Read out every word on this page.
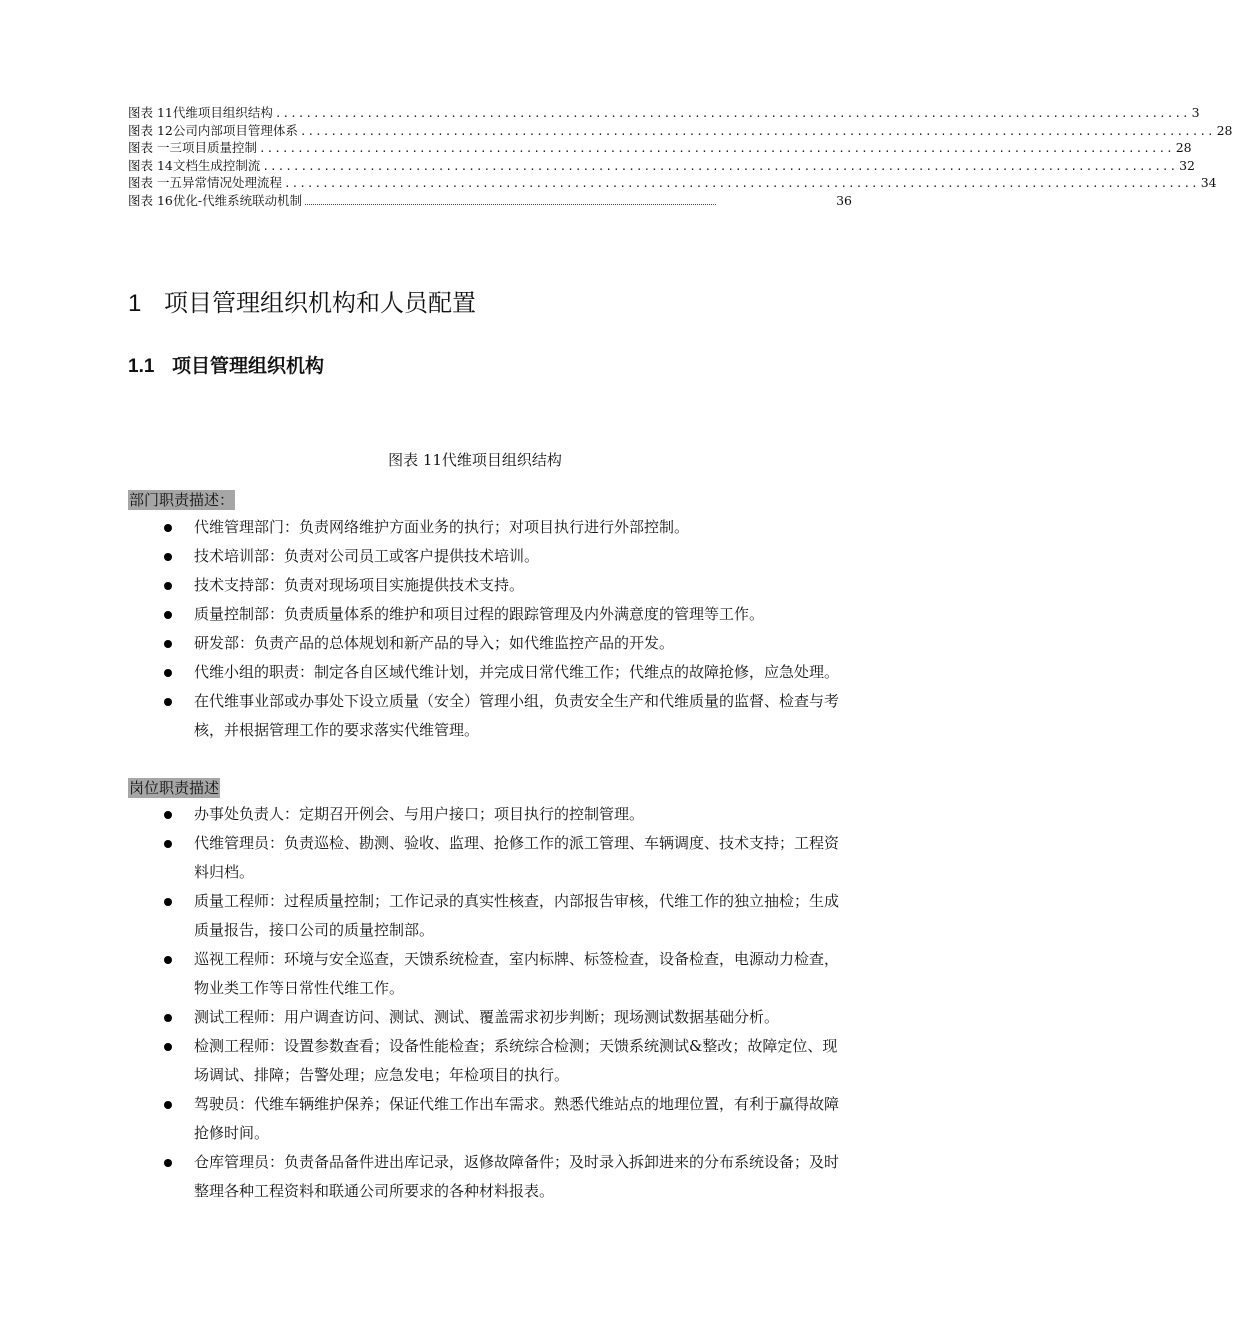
图表 11代维项目组织结构 ........................................................................................................................ 3
图表 12公司内部项目管理体系 ........................................................................................................................ 28
图表 一三项目质量控制 ........................................................................................................................ 28
图表 14文档生成控制流 ........................................................................................................................ 32
图表 一五异常情况处理流程 ........................................................................................................................ 34
图表 16优化-代维系统联动机制 ..............................................................................................................................................................................................................	36
1 项目管理组织机构和人员配置
1.1 项目管理组织机构
图表 11代维项目组织结构
部门职责描述：
代维管理部门：负责网络维护方面业务的执行；对项目执行进行外部控制。
技术培训部：负责对公司员工或客户提供技术培训。
技术支持部：负责对现场项目实施提供技术支持。
质量控制部：负责质量体系的维护和项目过程的跟踪管理及内外满意度的管理等工作。
研发部：负责产品的总体规划和新产品的导入；如代维监控产品的开发。
代维小组的职责：制定各自区域代维计划，并完成日常代维工作；代维点的故障抢修，应急处理。
在代维事业部或办事处下设立质量（安全）管理小组，负责安全生产和代维质量的监督、检查与考核，并根据管理工作的要求落实代维管理。
岗位职责描述
办事处负责人：定期召开例会、与用户接口；项目执行的控制管理。
代维管理员：负责巡检、勘测、验收、监理、抢修工作的派工管理、车辆调度、技术支持；工程资料归档。
质量工程师：过程质量控制；工作记录的真实性核查，内部报告审核，代维工作的独立抽检；生成质量报告，接口公司的质量控制部。
巡视工程师：环境与安全巡查，天馈系统检查，室内标牌、标签检查，设备检查，电源动力检查，物业类工作等日常性代维工作。
测试工程师：用户调查访问、测试、测试、覆盖需求初步判断；现场测试数据基础分析。
检测工程师：设置参数查看；设备性能检查；系统综合检测；天馈系统测试&整改；故障定位、现场调试、排障；告警处理；应急发电；年检项目的执行。
驾驶员：代维车辆维护保养；保证代维工作出车需求。熟悉代维站点的地理位置，有利于赢得故障抢修时间。
仓库管理员：负责备品备件进出库记录，返修故障备件；及时录入拆卸进来的分布系统设备；及时整理各种工程资料和联通公司所要求的各种材料报表。
